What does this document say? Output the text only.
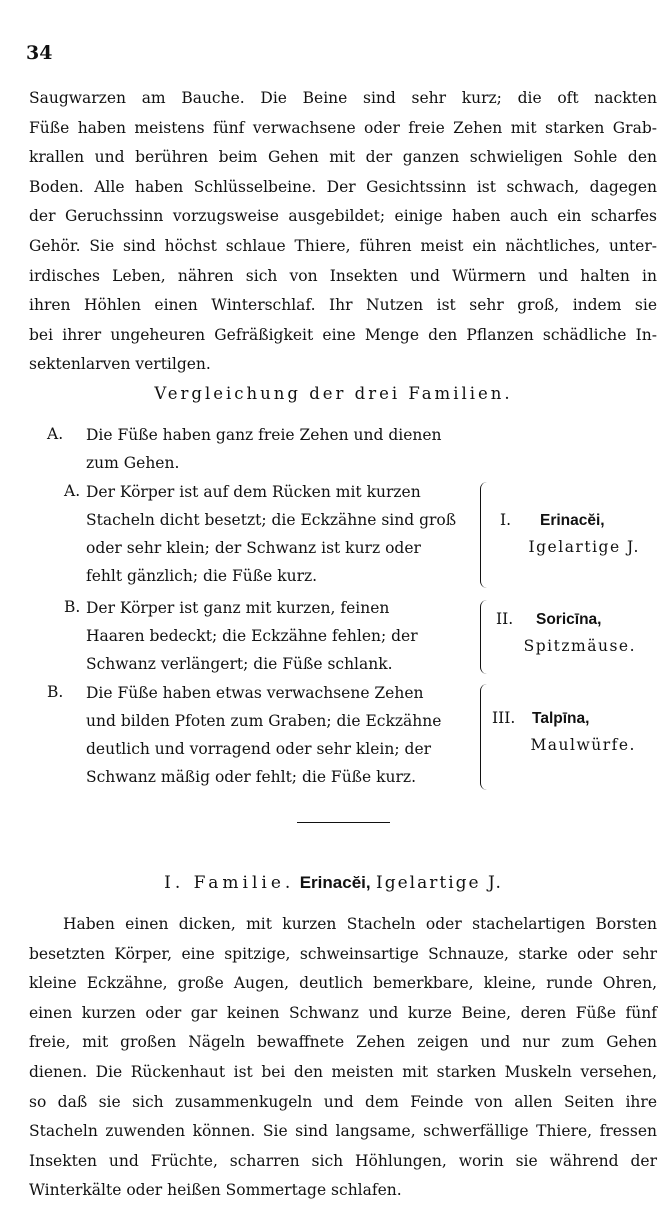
34
Saugwarzen am Bauche. Die Beine sind sehr kurz; die oft nackten
Füße haben meistens fünf verwachsene oder freie Zehen mit starken Grab-
krallen und berühren beim Gehen mit der ganzen schwieligen Sohle den
Boden. Alle haben Schlüsselbeine. Der Gesichtssinn ist schwach, dagegen
der Geruchssinn vorzugsweise ausgebildet; einige haben auch ein scharfes
Gehör. Sie sind höchst schlaue Thiere, führen meist ein nächtliches, unter-
irdisches Leben, nähren sich von Insekten und Würmern und halten in
ihren Höhlen einen Winterschlaf. Ihr Nutzen ist sehr groß, indem sie
bei ihrer ungeheuren Gefräßigkeit eine Menge den Pflanzen schädliche In-
sektenlarven vertilgen.
Vergleichung der drei Familien.
A. Die Füße haben ganz freie Zehen und dienen
zum Gehen.
A. Der Körper ist auf dem Rücken mit kurzen
Stacheln dicht besetzt; die Eckzähne sind groß
oder sehr klein; der Schwanz ist kurz oder
fehlt gänzlich; die Füße kurz.
B. Der Körper ist ganz mit kurzen, feinen
Haaren bedeckt; die Eckzähne fehlen; der
Schwanz verlängert; die Füße schlank.
B. Die Füße haben etwas verwachsene Zehen
und bilden Pfoten zum Graben; die Eckzähne
deutlich und vorragend oder sehr klein; der
Schwanz mäßig oder fehlt; die Füße kurz.
I. Erinacĕi,
Igelartige J.
II. Soricīna,
Spitzmäuse.
III. Talpīna,
Maulwürfe.
I. Familie. Erinacĕi, Igelartige J.
Haben einen dicken, mit kurzen Stacheln oder stachelartigen Borsten
besetzten Körper, eine spitzige, schweinsartige Schnauze, starke oder sehr
kleine Eckzähne, große Augen, deutlich bemerkbare, kleine, runde Ohren,
einen kurzen oder gar keinen Schwanz und kurze Beine, deren Füße fünf
freie, mit großen Nägeln bewaffnete Zehen zeigen und nur zum Gehen
dienen. Die Rückenhaut ist bei den meisten mit starken Muskeln versehen,
so daß sie sich zusammenkugeln und dem Feinde von allen Seiten ihre
Stacheln zuwenden können. Sie sind langsame, schwerfällige Thiere, fressen
Insekten und Früchte, scharren sich Höhlungen, worin sie während der
Winterkälte oder heißen Sommertage schlafen.
